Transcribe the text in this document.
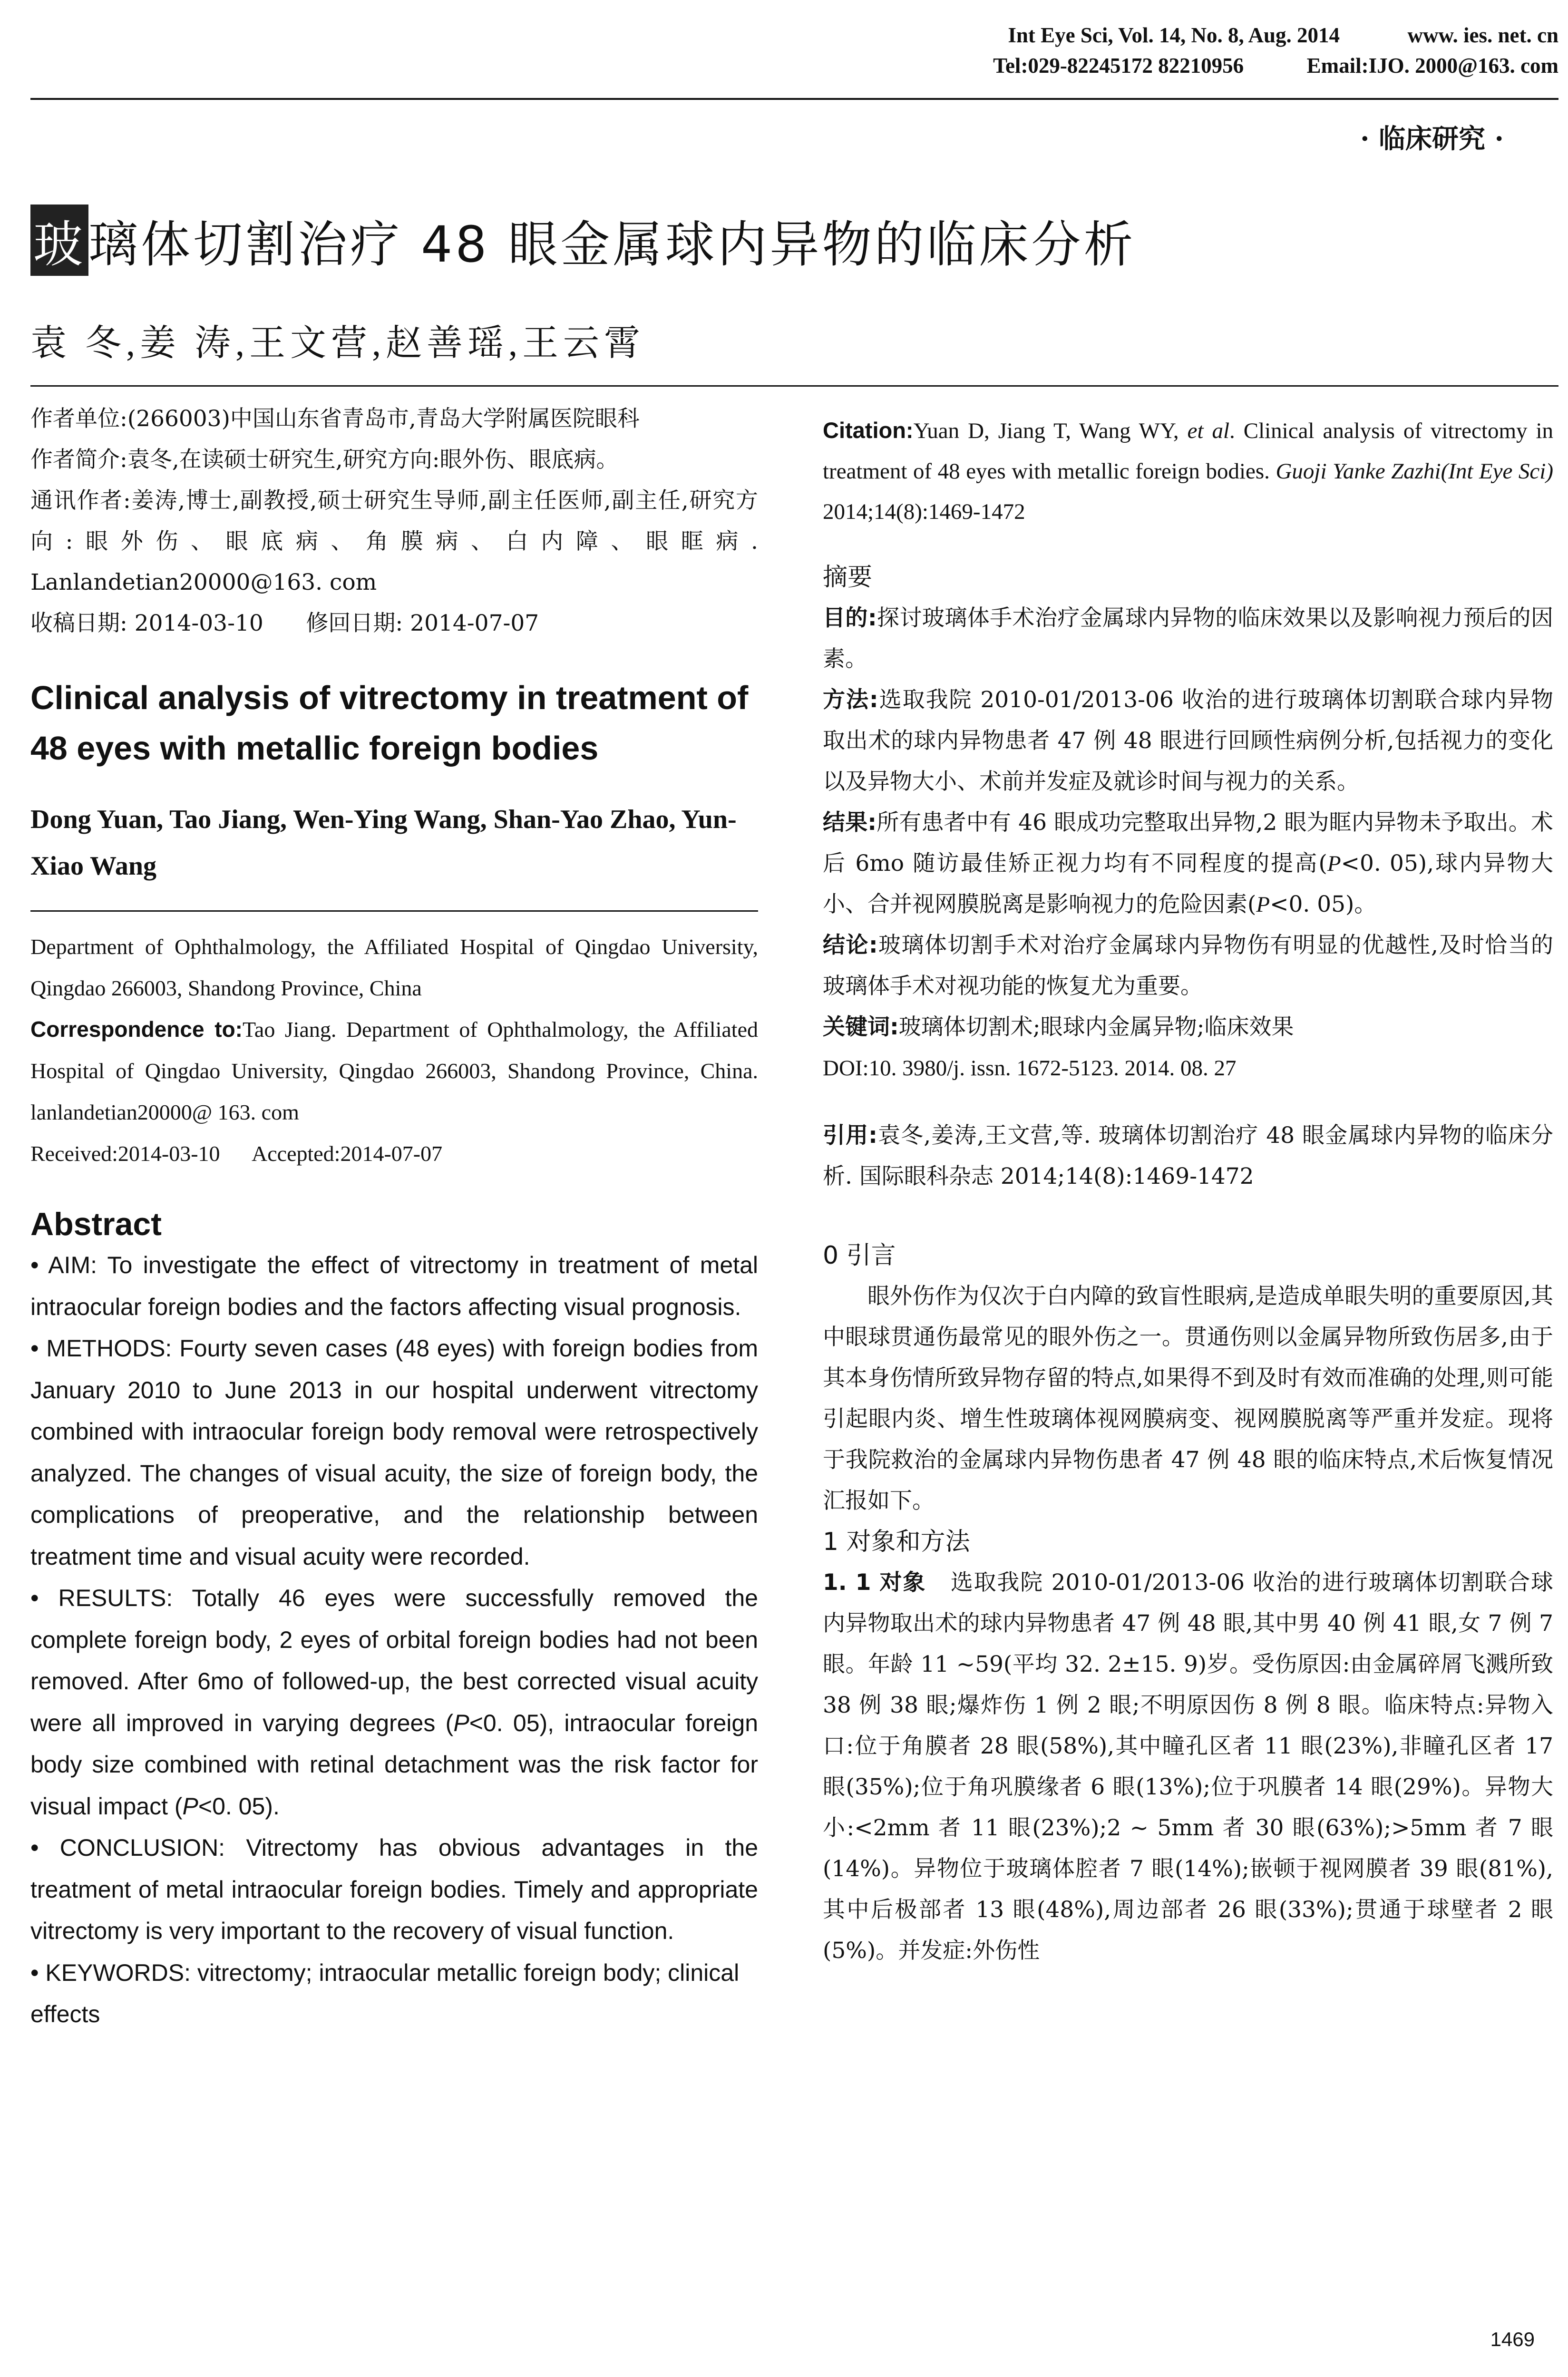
Int Eye Sci, Vol. 14, No. 8, Aug. 2014	www. ies. net. cn
Tel:029-82245172 82210956	Email:IJO. 2000@163. com
· 临床研究 ·
玻璃体切割治疗 48 眼金属球内异物的临床分析
袁 冬,姜 涛,王文营,赵善瑶,王云霄

作者单位:(266003)中国山东省青岛市,青岛大学附属医院眼科

作者简介:袁冬,在读硕士研究生,研究方向:眼外伤、眼底病。

通讯作者:姜涛,博士,副教授,硕士研究生导师,副主任医师,副主任,研究方向:眼外伤、眼底病、角膜病、白内障、眼眶病. Lanlandetian20000@163. com

收稿日期: 2014-03-10      修回日期: 2014-07-07

Clinical analysis of vitrectomy in treatment of 48 eyes with metallic foreign bodies

Dong Yuan, Tao Jiang, Wen-Ying Wang, Shan-Yao Zhao, Yun-Xiao Wang

Department of Ophthalmology, the Affiliated Hospital of Qingdao University, Qingdao 266003, Shandong Province, China

Correspondence to:Tao Jiang. Department of Ophthalmology, the Affiliated Hospital of Qingdao University, Qingdao 266003, Shandong Province, China. lanlandetian20000@ 163. com

Received:2014-03-10      Accepted:2014-07-07

Abstract

• AIM: To investigate the effect of vitrectomy in treatment of metal intraocular foreign bodies and the factors affecting visual prognosis.

• METHODS: Fourty seven cases (48 eyes) with foreign bodies from January 2010 to June 2013 in our hospital underwent vitrectomy combined with intraocular foreign body removal were retrospectively analyzed. The changes of visual acuity, the size of foreign body, the complications of preoperative, and the relationship between treatment time and visual acuity were recorded.

• RESULTS: Totally 46 eyes were successfully removed the complete foreign body, 2 eyes of orbital foreign bodies had not been removed. After 6mo of followed-up, the best corrected visual acuity were all improved in varying degrees (P<0. 05), intraocular foreign body size combined with retinal detachment was the risk factor for visual impact (P<0. 05).

• CONCLUSION: Vitrectomy has obvious advantages in the treatment of metal intraocular foreign bodies. Timely and appropriate vitrectomy is very important to the recovery of visual function.

• KEYWORDS: vitrectomy; intraocular metallic foreign body; clinical effects

Citation:Yuan D, Jiang T, Wang WY, et al. Clinical analysis of vitrectomy in treatment of 48 eyes with metallic foreign bodies. Guoji Yanke Zazhi(Int Eye Sci) 2014;14(8):1469-1472

摘要

目的:探讨玻璃体手术治疗金属球内异物的临床效果以及影响视力预后的因素。

方法:选取我院 2010-01/2013-06 收治的进行玻璃体切割联合球内异物取出术的球内异物患者 47 例 48 眼进行回顾性病例分析,包括视力的变化以及异物大小、术前并发症及就诊时间与视力的关系。

结果:所有患者中有 46 眼成功完整取出异物,2 眼为眶内异物未予取出。术后 6mo 随访最佳矫正视力均有不同程度的提高(P<0. 05),球内异物大小、合并视网膜脱离是影响视力的危险因素(P<0. 05)。

结论:玻璃体切割手术对治疗金属球内异物伤有明显的优越性,及时恰当的玻璃体手术对视功能的恢复尤为重要。

关键词:玻璃体切割术;眼球内金属异物;临床效果

DOI:10. 3980/j. issn. 1672-5123. 2014. 08. 27

引用:袁冬,姜涛,王文营,等. 玻璃体切割治疗 48 眼金属球内异物的临床分析. 国际眼科杂志 2014;14(8):1469-1472

0 引言

眼外伤作为仅次于白内障的致盲性眼病,是造成单眼失明的重要原因,其中眼球贯通伤最常见的眼外伤之一。贯通伤则以金属异物所致伤居多,由于其本身伤情所致异物存留的特点,如果得不到及时有效而准确的处理,则可能引起眼内炎、增生性玻璃体视网膜病变、视网膜脱离等严重并发症。现将于我院救治的金属球内异物伤患者 47 例 48 眼的临床特点,术后恢复情况汇报如下。

1 对象和方法

1. 1 对象 选取我院 2010-01/2013-06 收治的进行玻璃体切割联合球内异物取出术的球内异物患者 47 例 48 眼,其中男 40 例 41 眼,女 7 例 7 眼。年龄 11 ~59(平均 32. 2±15. 9)岁。受伤原因:由金属碎屑飞溅所致 38 例 38 眼;爆炸伤 1 例 2 眼;不明原因伤 8 例 8 眼。临床特点:异物入口:位于角膜者 28 眼(58%),其中瞳孔区者 11 眼(23%),非瞳孔区者 17 眼(35%);位于角巩膜缘者 6 眼(13%);位于巩膜者 14 眼(29%)。异物大小:<2mm 者 11 眼(23%);2 ~ 5mm 者 30 眼(63%);>5mm 者 7 眼(14%)。异物位于玻璃体腔者 7 眼(14%);嵌顿于视网膜者 39 眼(81%),其中后极部者 13 眼(48%),周边部者 26 眼(33%);贯通于球壁者 2 眼(5%)。并发症:外伤性

1469
